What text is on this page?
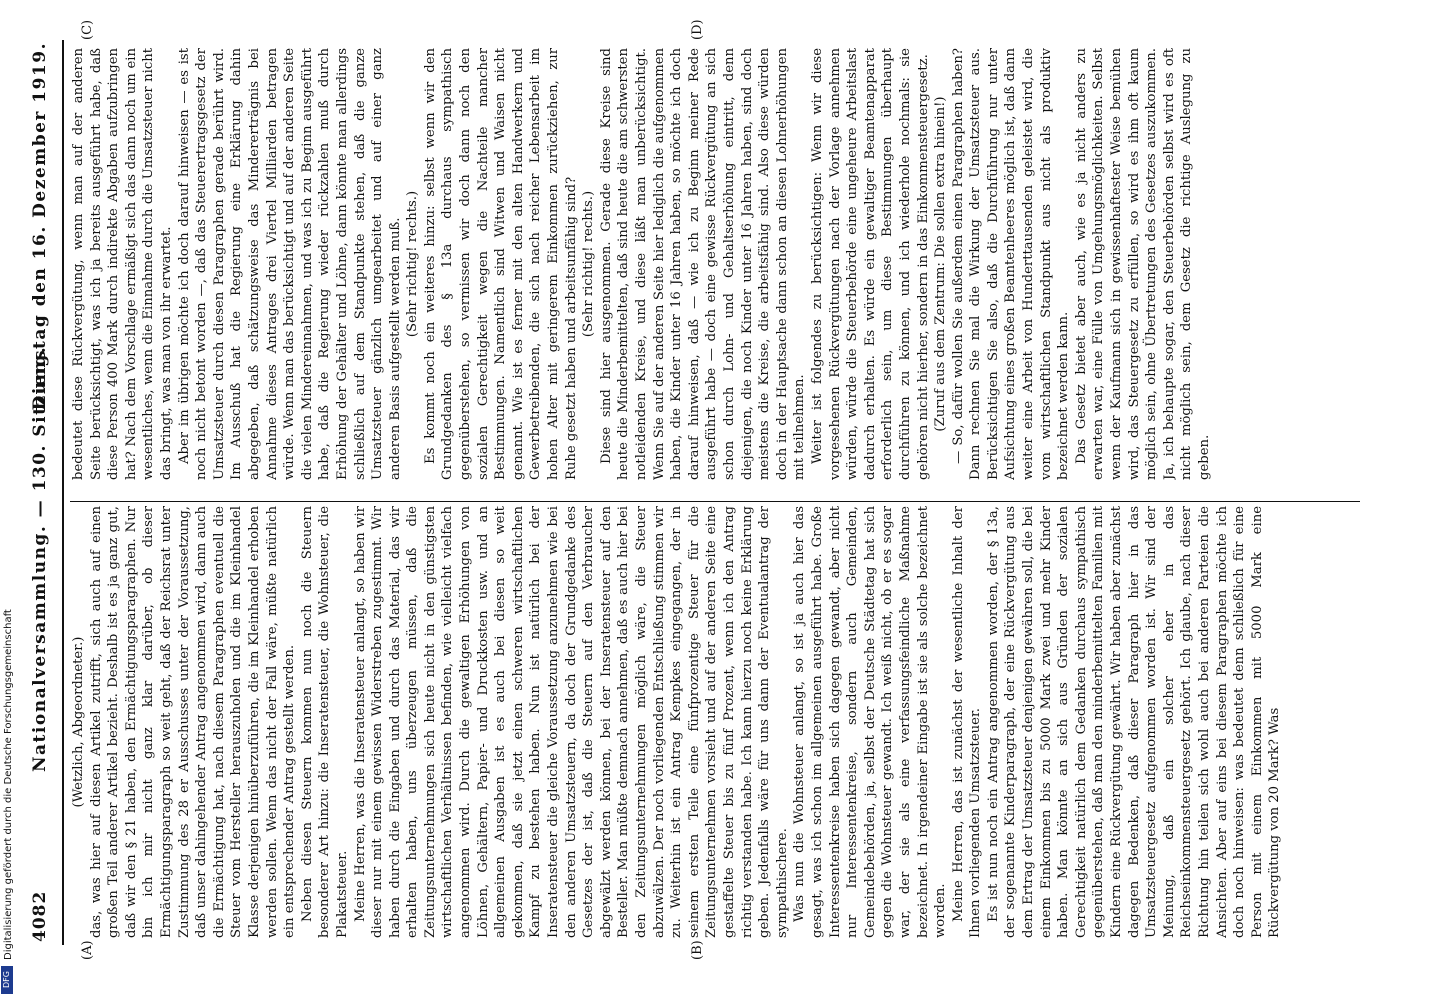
4082
Nationalversammlung. — 130. Sitzung.
Dienstag den 16. Dezember 1919.
(A)	(B)
(C)	(D)

(Wetzlich, Abgeordneter.) das, was hier auf diesen Artikel zutrifft, sich auch auf einen großen Teil anderer Artikel bezieht. Deshalb ist es ja ganz gut, daß wir den § 21 haben, den Ermächtigungsparagraphen. Nur bin ich mir nicht ganz klar darüber, ob dieser Ermächtigungsparagraph so weit geht, daß der Reichsrat unter Zustimmung des 28 er Ausschusses unter der Voraussetzung, daß unser dahingehender Antrag angenommen wird, dann auch die Ermächtigung hat, nach diesem Paragraphen eventuell die Steuer vom Hersteller herauszuholen und die im Kleinhandel Klasse derjenigen hinüberzuführen, die im Kleinhandel erhoben werden sollen. Wenn das nicht der Fall wäre, müßte natürlich ein entsprechender Antrag gestellt werden. Neben diesen Steuern kommen nun noch die Steuern besonderer Art hinzu: die Inseratensteuer, die Wohnsteuer, die Plakatsteuer. Meine Herren, was die Inseratensteuer anlangt, so haben wir dieser nur mit einem gewissen Widerstreben zugestimmt. Wir haben durch die Eingaben und durch das Material, das wir erhalten haben, uns überzeugen müssen, daß die Zeitungsunternehmungen sich heute nicht in den günstigsten wirtschaftlichen Verhältnissen befinden, wie vielleicht vielfach angenommen wird. Durch die gewaltigen Erhöhungen von Löhnen, Gehältern, Papier- und Druckkosten usw. und an allgemeinen Ausgaben ist es auch bei diesen so weit gekommen, daß sie jetzt einen schweren wirtschaftlichen Kampf zu bestehen haben. Nun ist natürlich bei der Inseratensteuer die gleiche Voraussetzung anzunehmen wie bei den anderen Umsatzsteuern, da doch der Grundgedanke des Gesetzes der ist, daß die Steuern auf den Verbraucher abgewälzt werden können, bei der Inseratensteuer auf den Besteller. Man müßte demnach annehmen, daß es auch hier bei den Zeitungsunternehmungen möglich wäre, die Steuer abzuwälzen. Der noch vorliegenden Entschließung stimmen wir zu. Weiterhin ist ein Antrag Kempkes eingegangen, der in seinem ersten Teile eine fünfprozentige Steuer für die Zeitungsunternehmen vorsieht und auf der anderen Seite eine gestaffelte Steuer bis zu fünf Prozent, wenn ich den Antrag richtig verstanden habe. Ich kann hierzu noch keine Erklärung geben. Jedenfalls wäre für uns dann der Eventualantrag der sympathischere. Was nun die Wohnsteuer anlangt, so ist ja auch hier das gesagt, was ich schon im allgemeinen ausgeführt habe. Große Interessentenkreise haben sich dagegen gewandt, aber nicht nur Interessentenkreise, sondern auch Gemeinden, Gemeindebehörden, ja, selbst der Deutsche Städtetag hat sich gegen die Wohnsteuer gewandt. Ich weiß nicht, ob er es sogar war, der sie als eine verfassungsfeindliche Maßnahme bezeichnet. In irgendeiner Eingabe ist sie als solche bezeichnet worden. Meine Herren, das ist zunächst der wesentliche Inhalt der Ihnen vorliegenden Umsatzsteuer. Es ist nun noch ein Antrag angenommen worden, der § 13a, der sogenannte Kinderparagraph, der eine Rückvergütung aus dem Ertrag der Umsatzsteuer denjenigen gewähren soll, die bei einem Einkommen bis zu 5000 Mark zwei und mehr Kinder haben. Man könnte an sich aus Gründen der sozialen Gerechtigkeit natürlich dem Gedanken durchaus sympathisch gegenüberstehen, daß man den minderbemittelten Familien mit Kindern eine Rückvergütung gewährt. Wir haben aber zunächst dagegen Bedenken, daß dieser Paragraph hier in das Umsatzsteuergesetz aufgenommen worden ist. Wir sind der Meinung, daß ein solcher eher in das Reichseinkommensteuergesetz gehört. Ich glaube, nach dieser Richtung hin teilen sich wohl auch bei anderen Parteien die Ansichten. Aber auf eins bei diesem Paragraphen möchte ich doch noch hinweisen: was bedeutet denn schließlich für eine Person mit einem Einkommen mit 5000 Mark eine Rückvergütung von 20 Mark? Was

bedeutet diese Rückvergütung, wenn man auf der anderen Seite berücksichtigt, was ich ja bereits ausgeführt habe, daß diese Person 400 Mark durch indirekte Abgaben aufzubringen hat? Nach dem Vorschlage ermäßigt sich das dann noch um ein wesentliches, wenn die Einnahme durch die Umsatzsteuer nicht das bringt, was man von ihr erwartet. Aber im übrigen möchte ich doch darauf hinweisen — es ist noch nicht betont worden —, daß das Steuerertragsgesetz der Umsatzsteuer durch diesen Paragraphen gerade berührt wird. Im Ausschuß hat die Regierung eine Erklärung dahin abgegeben, daß schätzungsweise das Mindererträgnis bei Annahme dieses Antrages drei Viertel Milliarden betragen würde. Wenn man das berücksichtigt und auf der anderen Seite die vielen Mindereinnahmen, und was ich zu Beginn ausgeführt habe, daß die Regierung wieder rückzahlen muß durch Erhöhung der Gehälter und Löhne, dann könnte man allerdings schließlich auf dem Standpunkte stehen, daß die ganze Umsatzsteuer gänzlich umgearbeitet und auf einer ganz anderen Basis aufgestellt werden muß. (Sehr richtig! rechts.) Es kommt noch ein weiteres hinzu: selbst wenn wir den Grundgedanken des § 13a durchaus sympathisch gegenüberstehen, so vermissen wir doch dann noch den sozialen Gerechtigkeit wegen die Nachteile mancher Bestimmungen. Namentlich sind Witwen und Waisen nicht genannt. Wie ist es ferner mit den alten Handwerkern und Gewerbetreibenden, die sich nach reicher Lebensarbeit im hohen Alter mit geringerem Einkommen zurückziehen, zur Ruhe gesetzt haben und arbeitsunfähig sind? (Sehr richtig! rechts.) Diese sind hier ausgenommen. Gerade diese Kreise sind heute die Minderbemittelten, daß sind heute die am schwersten notleidenden Kreise, und diese läßt man unberücksichtigt. Wenn Sie auf der anderen Seite hier lediglich die aufgenommen haben, die Kinder unter 16 Jahren haben, so möchte ich doch darauf hinweisen, daß — wie ich zu Beginn meiner Rede ausgeführt habe — doch eine gewisse Rückvergütung an sich schon durch Lohn- und Gehaltserhöhung eintritt, denn diejenigen, die noch Kinder unter 16 Jahren haben, sind doch meistens die Kreise, die arbeitsfähig sind. Also diese würden doch in der Hauptsache dann schon an diesen Lohnerhöhungen mit teilnehmen. Weiter ist folgendes zu berücksichtigen: Wenn wir diese vorgesehenen Rückvergütungen nach der Vorlage annehmen würden, würde die Steuerbehörde eine ungeheure Arbeitslast dadurch erhalten. Es würde ein gewaltiger Beamtenapparat erforderlich sein, um diese Bestimmungen überhaupt durchführen zu können, und ich wiederhole nochmals: sie gehören nicht hierher, sondern in das Einkommensteuergesetz. (Zuruf aus dem Zentrum: Die sollen extra hinein!) — So, dafür wollen Sie außerdem einen Paragraphen haben? Dann rechnen Sie mal die Wirkung der Umsatzsteuer aus. Berücksichtigen Sie also, daß die Durchführung nur unter Aufsichtung eines großen Beamtenheeres möglich ist, daß dann weiter eine Arbeit von Hunderttausenden geleistet wird, die vom wirtschaftlichen Standpunkt aus nicht als produktiv bezeichnet werden kann. Das Gesetz bietet aber auch, wie es ja nicht anders zu erwarten war, eine Fülle von Umgehungsmöglichkeiten. Selbst wenn der Kaufmann sich in gewissenhaftester Weise bemühen wird, das Steuergesetz zu erfüllen, so wird es ihm oft kaum möglich sein, ohne Übertretungen des Gesetzes auszukommen. Ja, ich behaupte sogar, den Steuerbehörden selbst wird es oft nicht möglich sein, dem Gesetz die richtige Auslegung zu geben.

Digitalisierung gefördert durch die Deutsche Forschungsgemeinschaft
DFG
